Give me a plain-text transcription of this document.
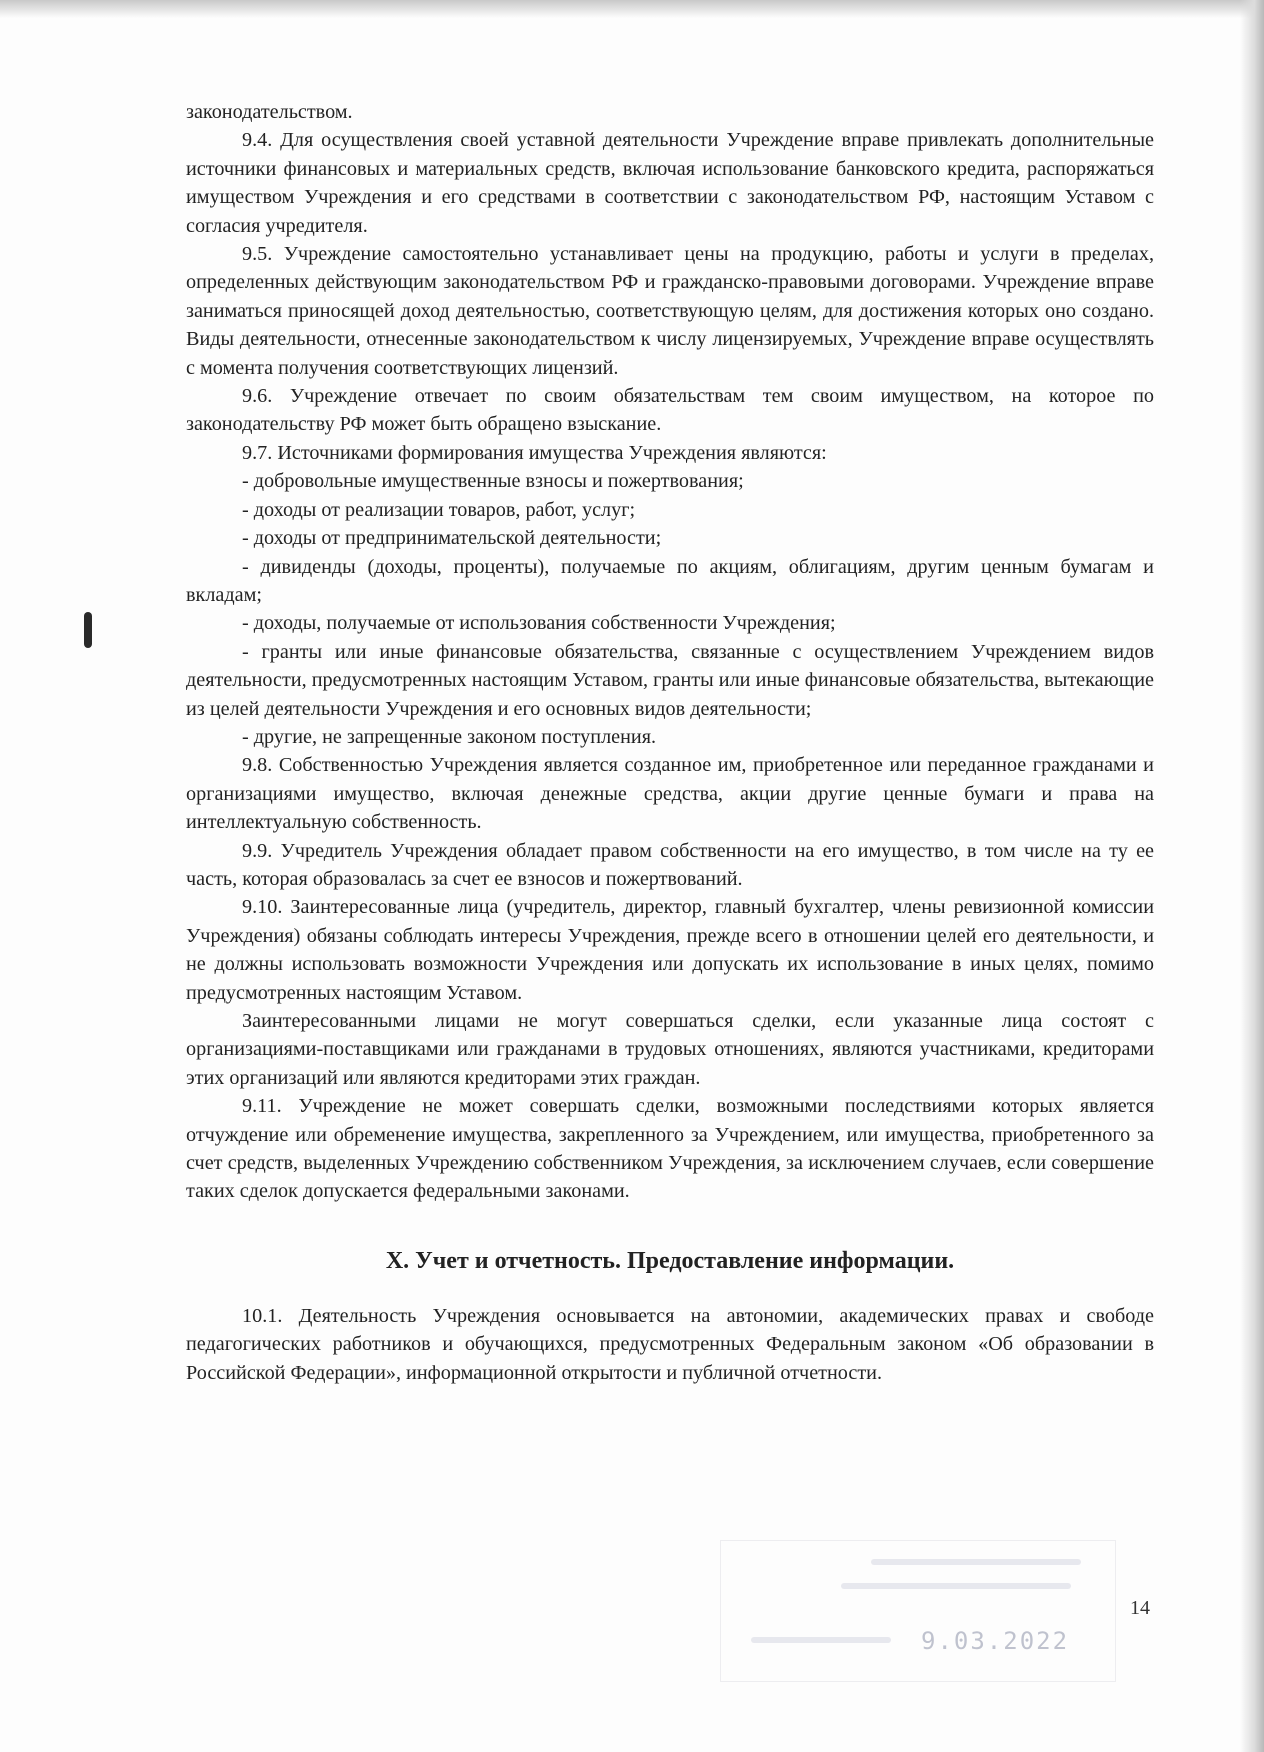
законодательством.

9.4. Для осуществления своей уставной деятельности Учреждение вправе привлекать дополнительные источники финансовых и материальных средств, включая использование банковского кредита, распоряжаться имуществом Учреждения и его средствами в соответствии с законодательством РФ, настоящим Уставом с согласия учредителя.

9.5. Учреждение самостоятельно устанавливает цены на продукцию, работы и услуги в пределах, определенных действующим законодательством РФ и гражданско-правовыми договорами. Учреждение вправе заниматься приносящей доход деятельностью, соответствующую целям, для достижения которых оно создано. Виды деятельности, отнесенные законодательством к числу лицензируемых, Учреждение вправе осуществлять с момента получения соответствующих лицензий.

9.6. Учреждение отвечает по своим обязательствам тем своим имуществом, на которое по законодательству РФ может быть обращено взыскание.

9.7. Источниками формирования имущества Учреждения являются:

- добровольные имущественные взносы и пожертвования;

- доходы от реализации товаров, работ, услуг;

- доходы от предпринимательской деятельности;

- дивиденды (доходы, проценты), получаемые по акциям, облигациям, другим ценным бумагам и вкладам;

- доходы, получаемые от использования собственности Учреждения;

- гранты или иные финансовые обязательства, связанные с осуществлением Учреждением видов деятельности, предусмотренных настоящим Уставом, гранты или иные финансовые обязательства, вытекающие из целей деятельности Учреждения и его основных видов деятельности;

- другие, не запрещенные законом поступления.

9.8. Собственностью Учреждения является созданное им, приобретенное или переданное гражданами и организациями имущество, включая денежные средства, акции другие ценные бумаги и права на интеллектуальную собственность.

9.9. Учредитель Учреждения обладает правом собственности на его имущество, в том числе на ту ее часть, которая образовалась за счет ее взносов и пожертвований.

9.10. Заинтересованные лица (учредитель, директор, главный бухгалтер, члены ревизионной комиссии Учреждения) обязаны соблюдать интересы Учреждения, прежде всего в отношении целей его деятельности, и не должны использовать возможности Учреждения или допускать их использование в иных целях, помимо предусмотренных настоящим Уставом.

Заинтересованными лицами не могут совершаться сделки, если указанные лица состоят с организациями-поставщиками или гражданами в трудовых отношениях, являются участниками, кредиторами этих организаций или являются кредиторами этих граждан.

9.11. Учреждение не может совершать сделки, возможными последствиями которых является отчуждение или обременение имущества, закрепленного за Учреждением, или имущества, приобретенного за счет средств, выделенных Учреждению собственником Учреждения, за исключением случаев, если совершение таких сделок допускается федеральными законами.

X. Учет и отчетность. Предоставление информации.

10.1. Деятельность Учреждения основывается на автономии, академических правах и свободе педагогических работников и обучающихся, предусмотренных Федеральным законом «Об образовании в Российской Федерации», информационной открытости и публичной отчетности.

9.03.2022
14
